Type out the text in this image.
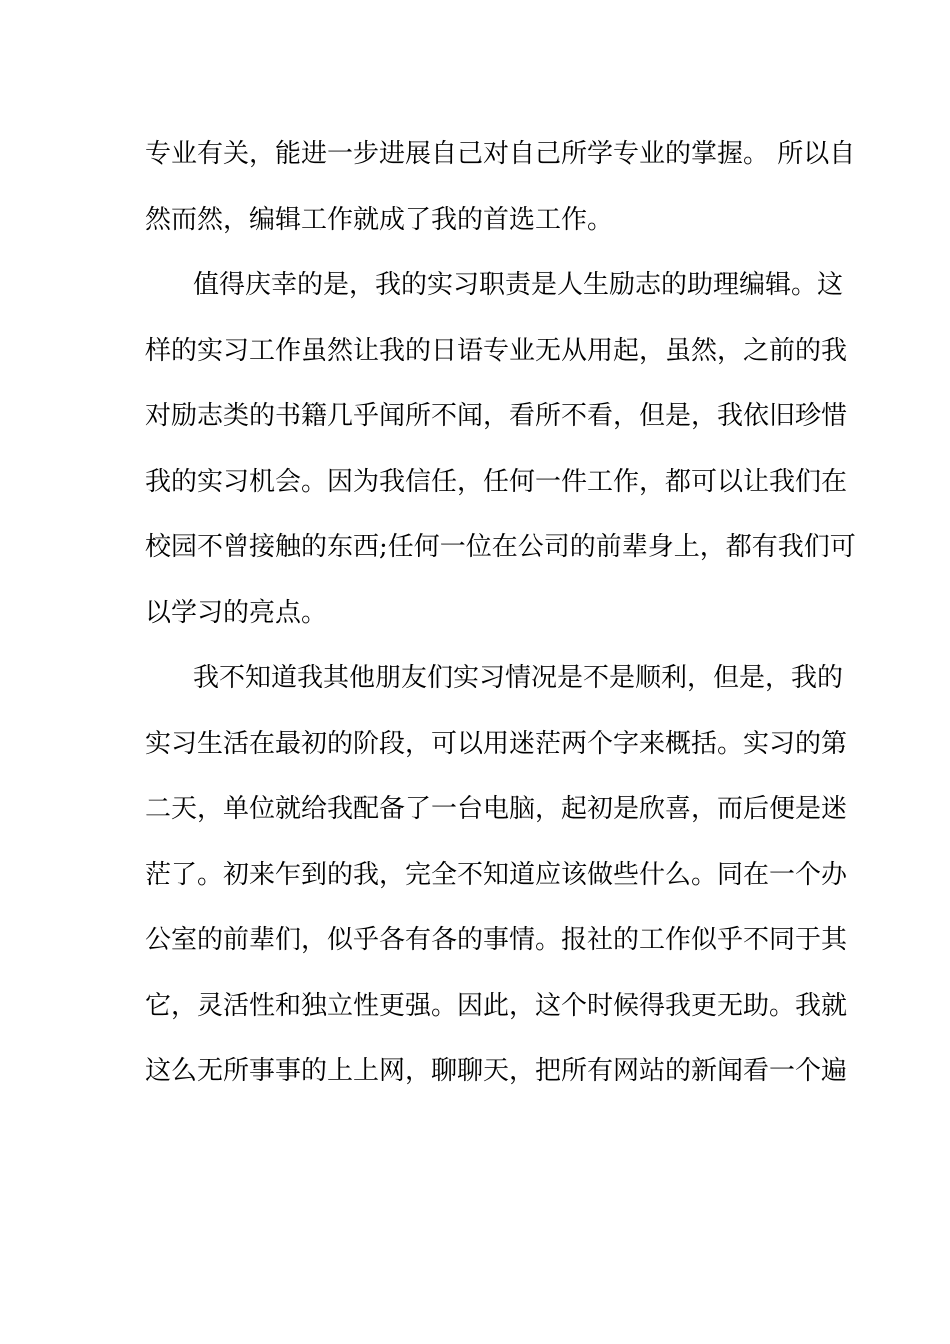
专业有关，能进一步进展自己对自己所学专业的掌握。 所以自
然而然，编辑工作就成了我的首选工作。
值得庆幸的是，我的实习职责是人生励志的助理编辑。这
样的实习工作虽然让我的日语专业无从用起，虽然，之前的我
对励志类的书籍几乎闻所不闻，看所不看，但是，我依旧珍惜
我的实习机会。因为我信任，任何一件工作，都可以让我们在
校园不曾接触的东西;任何一位在公司的前辈身上，都有我们可
以学习的亮点。
我不知道我其他朋友们实习情况是不是顺利，但是，我的
实习生活在最初的阶段，可以用迷茫两个字来概括。实习的第
二天，单位就给我配备了一台电脑，起初是欣喜，而后便是迷
茫了。初来乍到的我，完全不知道应该做些什么。同在一个办
公室的前辈们，似乎各有各的事情。报社的工作似乎不同于其
它，灵活性和独立性更强。因此，这个时候得我更无助。我就
这么无所事事的上上网，聊聊天，把所有网站的新闻看一个遍
